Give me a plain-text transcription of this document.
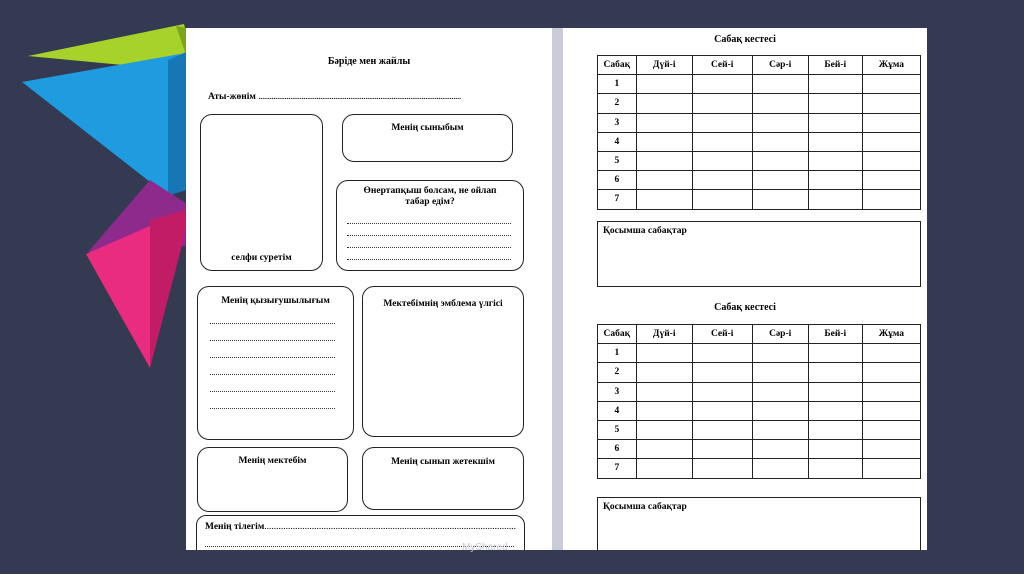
Бәріде мен жайлы
Аты-жөнім ............................................................................................................
селфи суретім
Менің сыныбым
Өнертапқыш болсам, не ойлап табар едім?
Менің қызығушылығым	Мектебімнің эмблема үлгісі
Менің мектебім	Менің сынып жетекшім
Менің тілегім..........................................................................................................
Сабақ кестесі
Сабақ	Дүй-і	Сей-і	Сәр-і	Бей-і	Жұма
1					
2					
3					
4					
5					
6					
7					
Қосымша сабақтар
Сабақ кестесі
Сабақ	Дүй-і	Сей-і	Сәр-і	Бей-і	Жұма
1					
2					
3					
4					
5					
6					
7					
Қосымша сабақтар
MyShared
